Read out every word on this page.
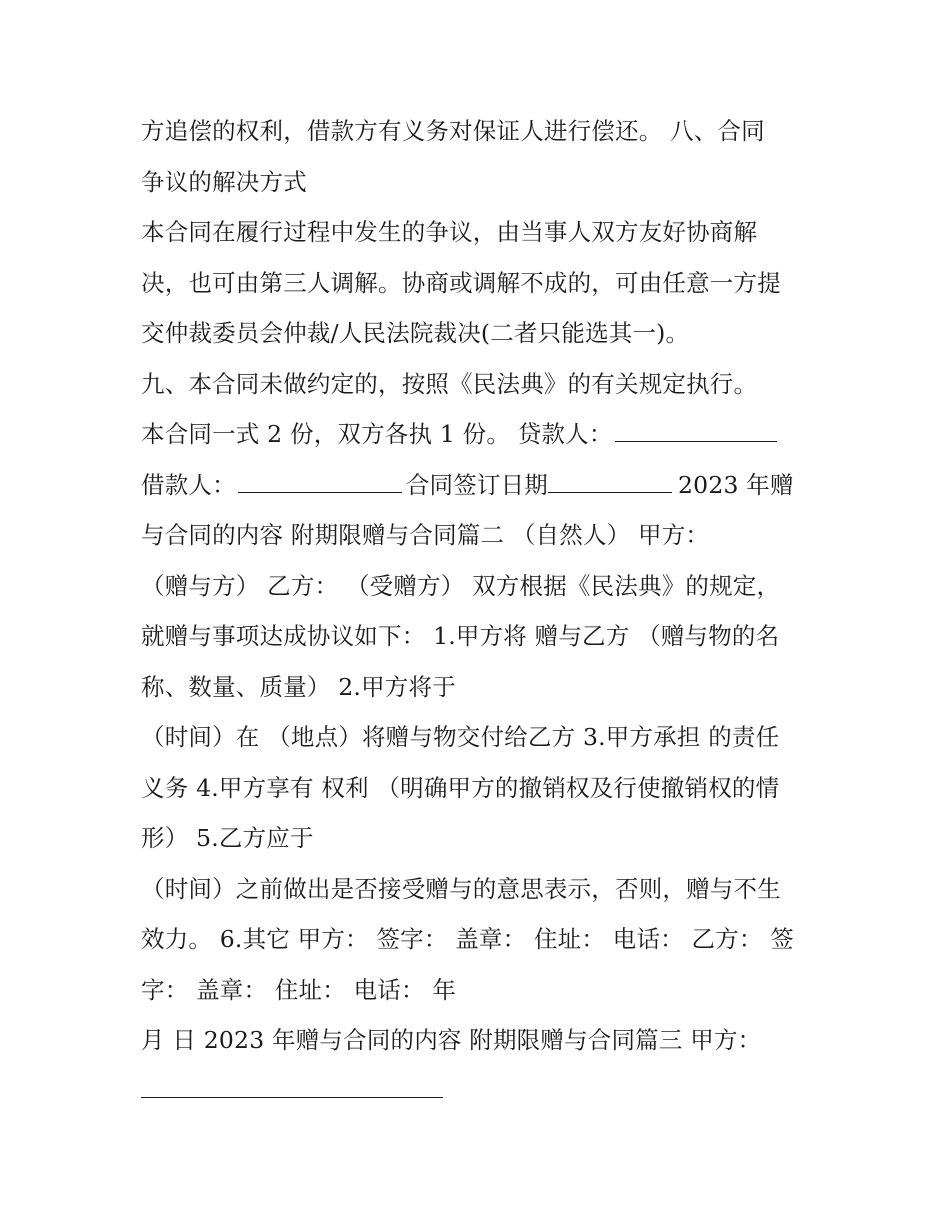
方追偿的权利，借款方有义务对保证人进行偿还。 八、合同
争议的解决方式
本合同在履行过程中发生的争议，由当事人双方友好协商解
决，也可由第三人调解。协商或调解不成的，可由任意一方提
交仲裁委员会仲裁/人民法院裁决(二者只能选其一)。
九、本合同未做约定的，按照《民法典》的有关规定执行。
本合同一式 2 份，双方各执 1 份。 贷款人：
借款人：	合同签订日期	2023 年赠
与合同的内容 附期限赠与合同篇二 （自然人） 甲方：
（赠与方） 乙方： （受赠方） 双方根据《民法典》的规定，
就赠与事项达成协议如下： 1.甲方将 赠与乙方 （赠与物的名
称、数量、质量） 2.甲方将于
（时间）在 （地点）将赠与物交付给乙方 3.甲方承担 的责任
义务 4.甲方享有 权利 （明确甲方的撤销权及行使撤销权的情
形） 5.乙方应于
（时间）之前做出是否接受赠与的意思表示，否则，赠与不生
效力。 6.其它 甲方： 签字： 盖章： 住址： 电话： 乙方： 签
字： 盖章： 住址： 电话： 年
月 日 2023 年赠与合同的内容 附期限赠与合同篇三 甲方：
